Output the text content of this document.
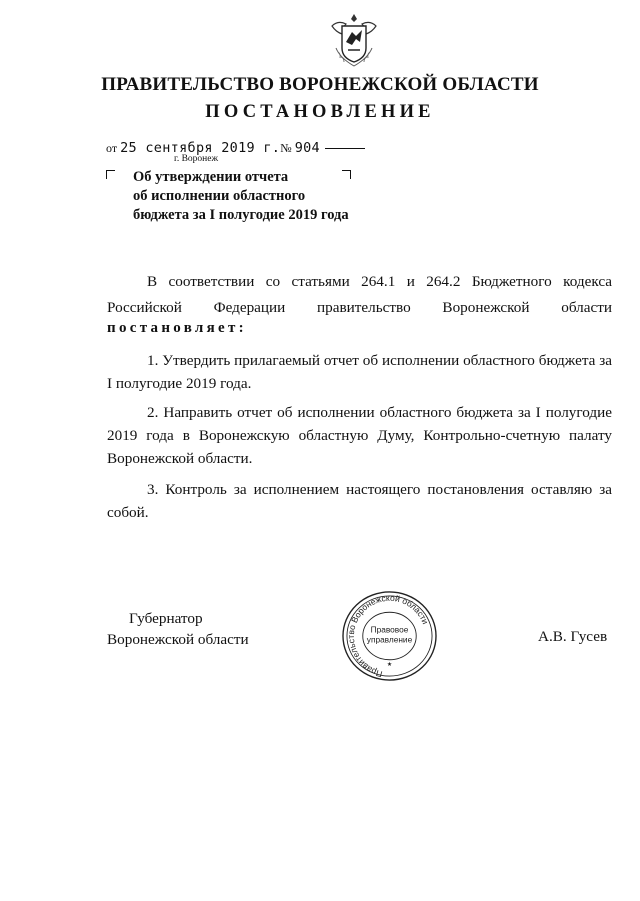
ПРАВИТЕЛЬСТВО ВОРОНЕЖСКОЙ ОБЛАСТИ
ПОСТАНОВЛЕНИЕ
от 25 сентября 2019 г.№ 904
г. Воронеж
Об утверждении отчета
об исполнении областного
бюджета за I полугодие 2019 года
В соответствии со статьями 264.1 и 264.2 Бюджетного кодекса
Российской Федерации правительство Воронежской области
постановляет:
1. Утвердить прилагаемый отчет об исполнении областного бюджета за I полугодие 2019 года.
2. Направить отчет об исполнении областного бюджета за I полугодие 2019 года в Воронежскую областную Думу, Контрольно-счетную палату Воронежской области.
3. Контроль за исполнением настоящего постановления оставляю за собой.
Губернатор
Воронежской области	А.В. Гусев
Правительство Воронежской области
Правовое
управление
★
